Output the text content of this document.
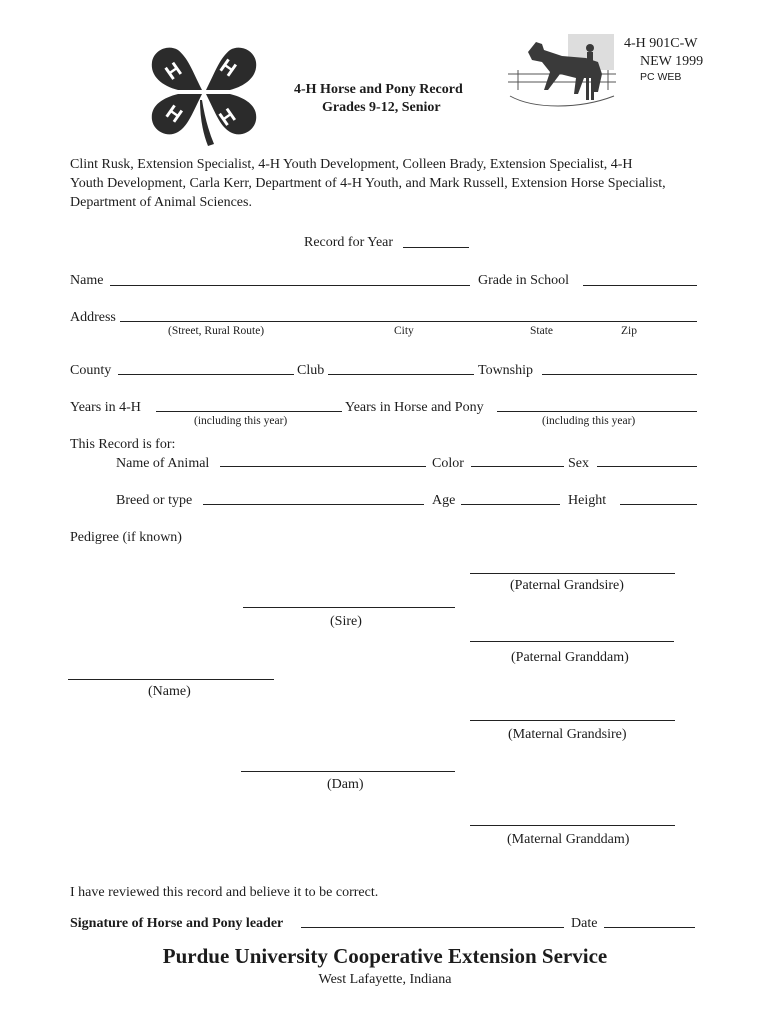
H H
H H
4-H Horse and Pony Record
Grades 9-12, Senior
4-H 901C-W
NEW 1999
PC WEB
Clint Rusk, Extension Specialist, 4-H Youth Development, Colleen Brady, Extension Specialist, 4-H
Youth Development, Carla Kerr, Department of 4-H Youth, and Mark Russell, Extension Horse Specialist,
Department of Animal Sciences.
Record for Year
Name	Grade in School
Address
(Street, Rural Route)	City	State	Zip
County	Club	Township
Years in 4-H	Years in Horse and Pony
(including this year)	(including this year)
This Record is for:
Name of Animal	Color	Sex
Breed or type	Age	Height
Pedigree (if known)
(Paternal Grandsire)
(Sire)
(Paternal Granddam)
(Name)
(Maternal Grandsire)
(Dam)
(Maternal Granddam)
I have reviewed this record and believe it to be correct.
Signature of Horse and Pony leader	Date
Purdue University Cooperative Extension Service
West Lafayette, Indiana
